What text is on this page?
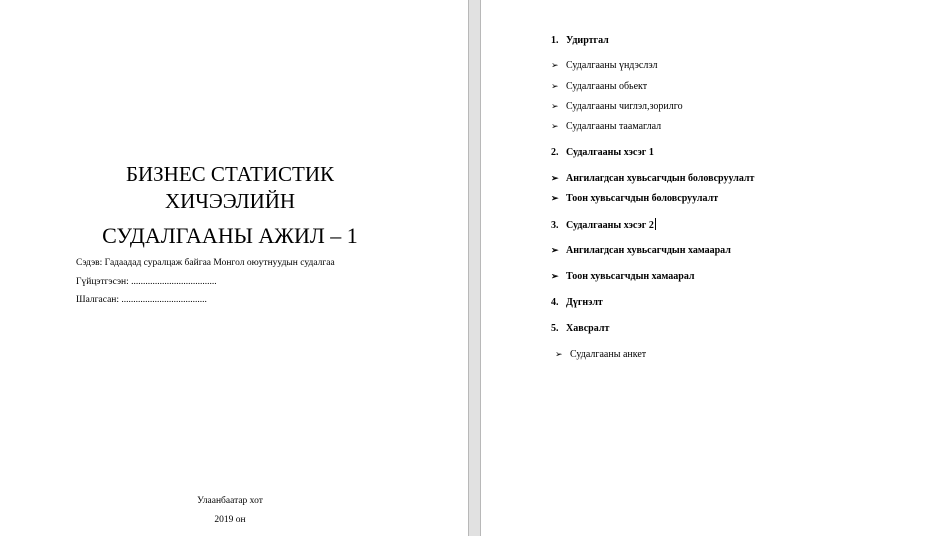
БИЗНЕС СТАТИСТИК
ХИЧЭЭЛИЙН
СУДАЛГААНЫ АЖИЛ – 1
Сэдэв: Гадаадад суралцаж байгаа Монгол оюутнуудын судалгаа
Гүйцэтгэсэн: ....................................
Шалгасан: ....................................
Улаанбаатар хот
2019 он
1. Удиртгал
➢ Судалгааны үндэслэл
➢ Судалгааны обьект
➢ Судалгааны чиглэл,зорилго
➢ Судалгааны таамаглал
2. Судалгааны хэсэг 1
➢ Ангилагдсан хувьсагчдын боловсруулалт
➢ Тоон хувьсагчдын боловсруулалт
3. Судалгааны хэсэг 2
➢ Ангилагдсан хувьсагчдын хамаарал
➢ Тоон хувьсагчдын хамаарал
4. Дүгнэлт
5. Хавсралт
➢ Судалгааны анкет
